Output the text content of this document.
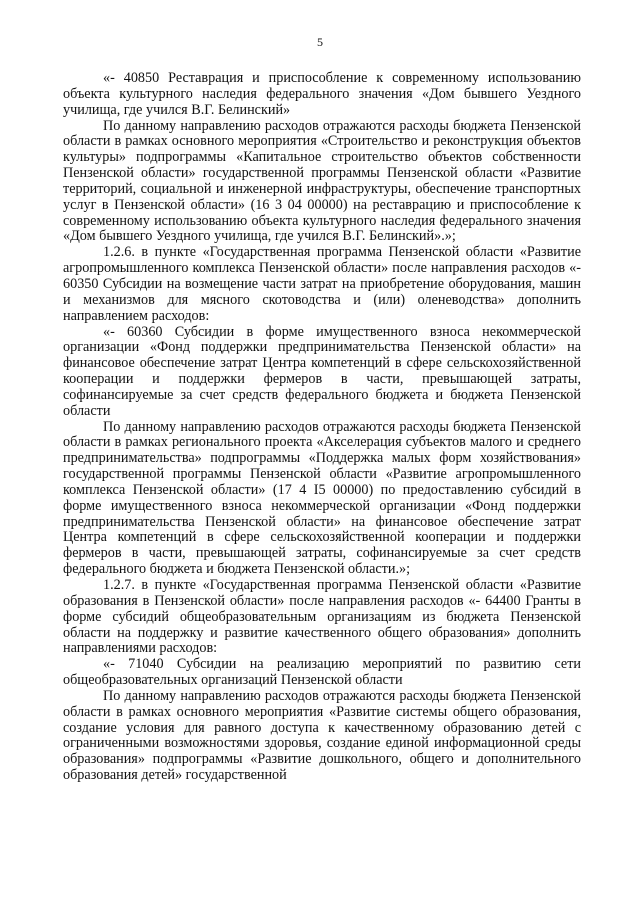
5

«- 40850 Реставрация и приспособление к современному использованию объекта культурного наследия федерального значения «Дом бывшего Уездного училища, где учился В.Г. Белинский»

По данному направлению расходов отражаются расходы бюджета Пензенской области в рамках основного мероприятия «Строительство и реконструкция объектов культуры» подпрограммы «Капитальное строительство объектов собственности Пензенской области» государственной программы Пензенской области «Развитие территорий, социальной и инженерной инфраструктуры, обеспечение транспортных услуг в Пензенской области» (16 3 04 00000) на реставрацию и приспособление к современному использованию объекта культурного наследия федерального значения «Дом бывшего Уездного училища, где учился В.Г. Белинский».»;

1.2.6. в пункте «Государственная программа Пензенской области «Развитие агропромышленного комплекса Пензенской области» после направления расходов «- 60350 Субсидии на возмещение части затрат на приобретение оборудования, машин и механизмов для мясного скотоводства и (или) оленеводства» дополнить направлением расходов:

«- 60360 Субсидии в форме имущественного взноса некоммерческой организации «Фонд поддержки предпринимательства Пензенской области» на финансовое обеспечение затрат Центра компетенций в сфере сельскохозяйственной кооперации и поддержки фермеров в части, превышающей затраты, софинансируемые за счет средств федерального бюджета и бюджета Пензенской области

По данному направлению расходов отражаются расходы бюджета Пензенской области в рамках регионального проекта «Акселерация субъектов малого и среднего предпринимательства» подпрограммы «Поддержка малых форм хозяйствования» государственной программы Пензенской области «Развитие агропромышленного комплекса Пензенской области» (17 4 I5 00000) по предоставлению субсидий в форме имущественного взноса некоммерческой организации «Фонд поддержки предпринимательства Пензенской области» на финансовое обеспечение затрат Центра компетенций в сфере сельскохозяйственной кооперации и поддержки фермеров в части, превышающей затраты, софинансируемые за счет средств федерального бюджета и бюджета Пензенской области.»;

1.2.7. в пункте «Государственная программа Пензенской области «Развитие образования в Пензенской области» после направления расходов «- 64400 Гранты в форме субсидий общеобразовательным организациям из бюджета Пензенской области на поддержку и развитие качественного общего образования» дополнить направлениями расходов:

«- 71040 Субсидии на реализацию мероприятий по развитию сети общеобразовательных организаций Пензенской области

По данному направлению расходов отражаются расходы бюджета Пензенской области в рамках основного мероприятия «Развитие системы общего образования, создание условия для равного доступа к качественному образованию детей с ограниченными возможностями здоровья, создание единой информационной среды образования» подпрограммы «Развитие дошкольного, общего и дополнительного образования детей» государственной
